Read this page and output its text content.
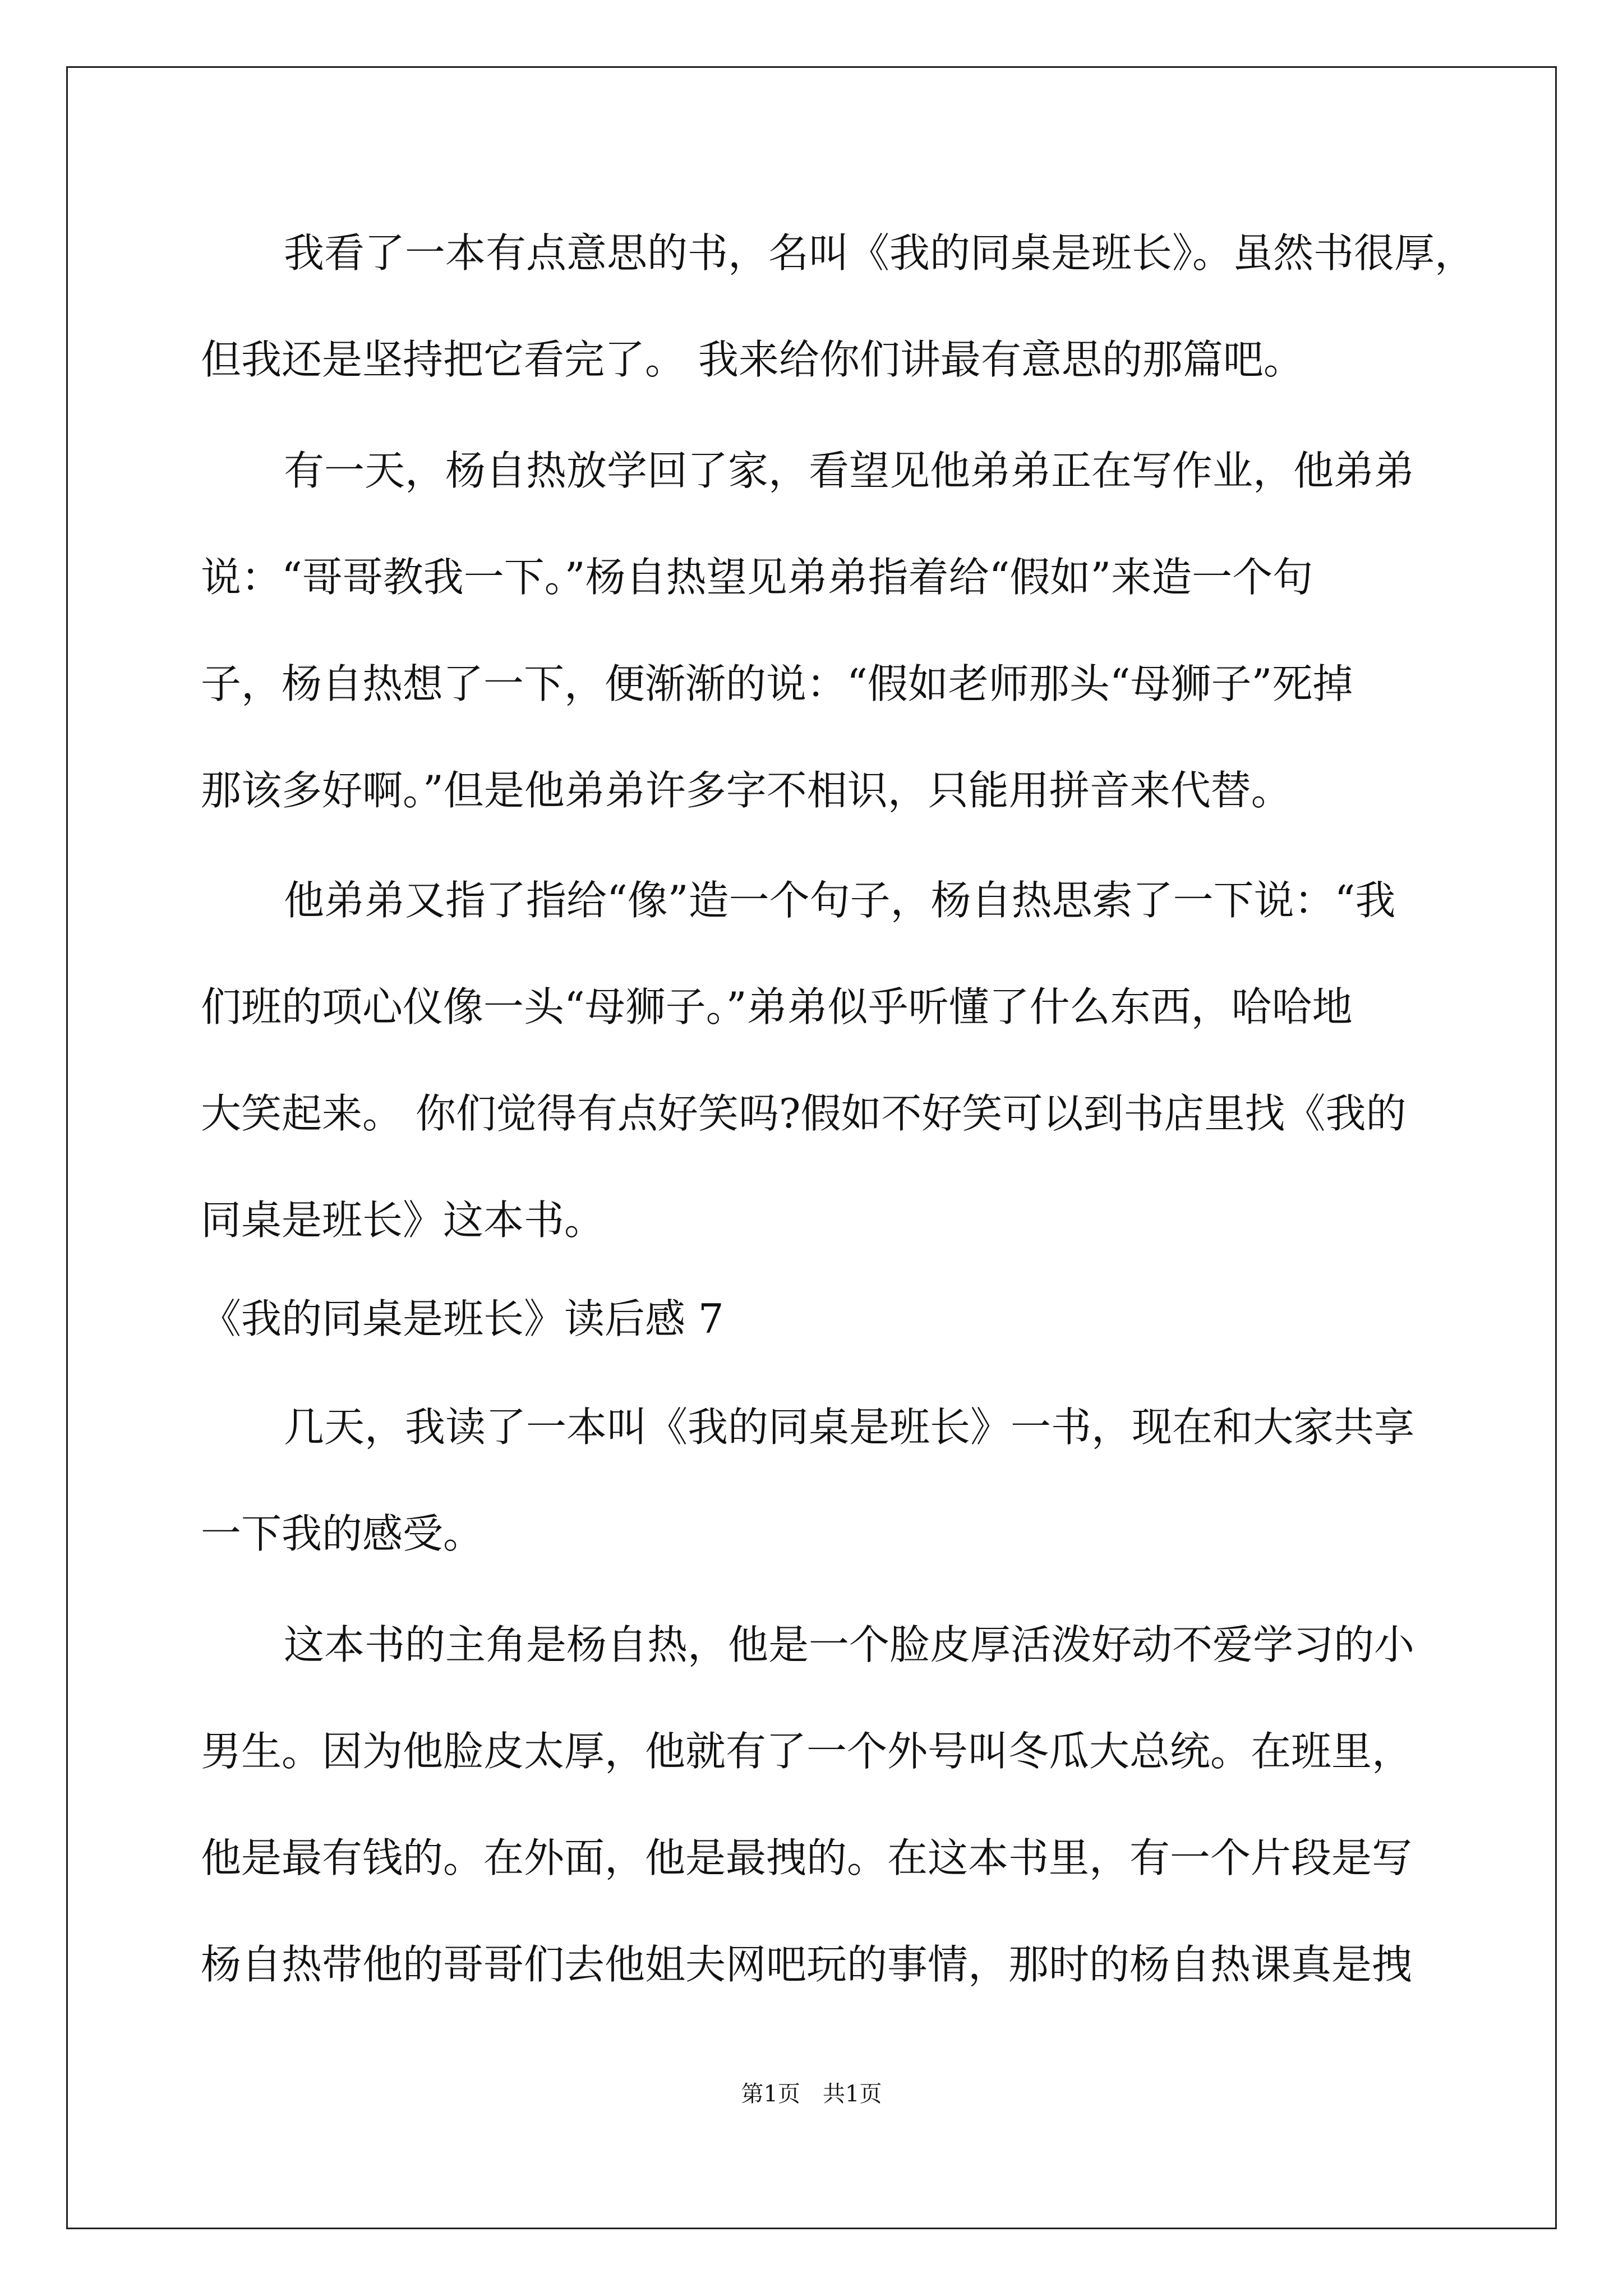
我看了一本有点意思的书，名叫《我的同桌是班长》。虽然书很厚，
但我还是坚持把它看完了。 我来给你们讲最有意思的那篇吧。
有一天，杨自热放学回了家，看望见他弟弟正在写作业，他弟弟
说：“哥哥教我一下。”杨自热望见弟弟指着给“假如”来造一个句
子，杨自热想了一下，便渐渐的说：“假如老师那头“母狮子”死掉
那该多好啊。”但是他弟弟许多字不相识，只能用拼音来代替。
他弟弟又指了指给“像”造一个句子，杨自热思索了一下说：“我
们班的项心仪像一头“母狮子。”弟弟似乎听懂了什么东西，哈哈地
大笑起来。 你们觉得有点好笑吗?假如不好笑可以到书店里找《我的
同桌是班长》这本书。
《我的同桌是班长》读后感 7
几天，我读了一本叫《我的同桌是班长》一书，现在和大家共享
一下我的感受。
这本书的主角是杨自热，他是一个脸皮厚活泼好动不爱学习的小
男生。因为他脸皮太厚，他就有了一个外号叫冬瓜大总统。在班里，
他是最有钱的。在外面，他是最拽的。在这本书里，有一个片段是写
杨自热带他的哥哥们去他姐夫网吧玩的事情，那时的杨自热课真是拽
第1页 共1页
